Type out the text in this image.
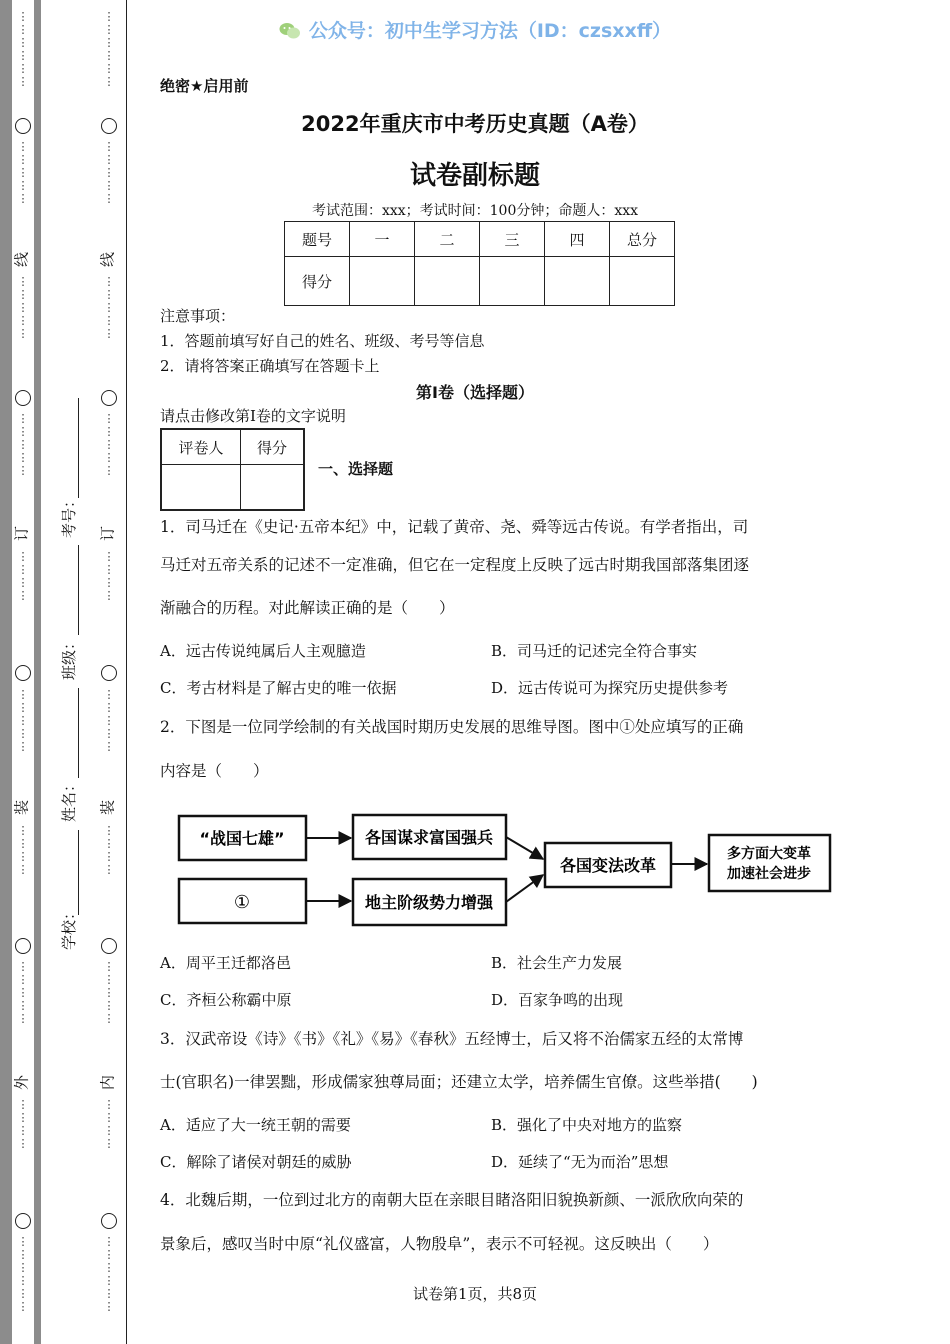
⋮
⋮
⋮
⋮
⋮
⋮
⋮
⋮
⋮
⋮
⋮
线
⋮
⋮
⋮
⋮
⋮
⋮
⋮
⋮
⋮
⋮
订
⋮
⋮
⋮
⋮
⋮
⋮
⋮
⋮
⋮
装
⋮
⋮
⋮
⋮
⋮
⋮
⋮
⋮
⋮
外
⋮
⋮
⋮
⋮
⋮
⋮
⋮
⋮
⋮
⋮
考号：
班级：
姓名：
学校：
⋮
⋮
⋮
⋮
⋮
⋮
⋮
⋮
⋮
⋮
⋮
线
⋮
⋮
⋮
⋮
⋮
⋮
⋮
⋮
⋮
⋮
订
⋮
⋮
⋮
⋮
⋮
⋮
⋮
⋮
⋮
装
⋮
⋮
⋮
⋮
⋮
⋮
⋮
⋮
⋮
内
⋮
⋮
⋮
⋮
⋮
⋮
⋮
⋮
⋮
⋮
公众号：初中生学习方法（ID：czsxxff）
绝密★启用前
2022年重庆市中考历史真题（A卷）
试卷副标题
考试范围：xxx；考试时间：100分钟；命题人：xxx
题号	一	二	三	四	总分
得分					
注意事项：
1．答题前填写好自己的姓名、班级、考号等信息
2．请将答案正确填写在答题卡上
第I卷（选择题）
请点击修改第I卷的文字说明
评卷人	得分

一、选择题
1．司马迁在《史记·五帝本纪》中，记载了黄帝、尧、舜等远古传说。有学者指出，司
马迁对五帝关系的记述不一定准确，但它在一定程度上反映了远古时期我国部落集团逐
渐融合的历程。对此解读正确的是（　　）
A．远古传说纯属后人主观臆造	B．司马迁的记述完全符合事实
C．考古材料是了解古史的唯一依据	D．远古传说可为探究历史提供参考
2．下图是一位同学绘制的有关战国时期历史发展的思维导图。图中①处应填写的正确
内容是（　　）
“战国七雄”	各国谋求富国强兵
①	地主阶级势力增强
各国变法改革
多方面大变革
加速社会进步
A．周平王迁都洛邑	B．社会生产力发展
C．齐桓公称霸中原	D．百家争鸣的出现
3．汉武帝设《诗》《书》《礼》《易》《春秋》五经博士，后又将不治儒家五经的太常博
士(官职名)一律罢黜，形成儒家独尊局面；还建立太学，培养儒生官僚。这些举措(　　)
A．适应了大一统王朝的需要	B．强化了中央对地方的监察
C．解除了诸侯对朝廷的威胁	D．延续了“无为而治”思想
4．北魏后期，一位到过北方的南朝大臣在亲眼目睹洛阳旧貌换新颜、一派欣欣向荣的
景象后，感叹当时中原“礼仪盛富，人物殷阜”，表示不可轻视。这反映出（　　）
试卷第1页，共8页
